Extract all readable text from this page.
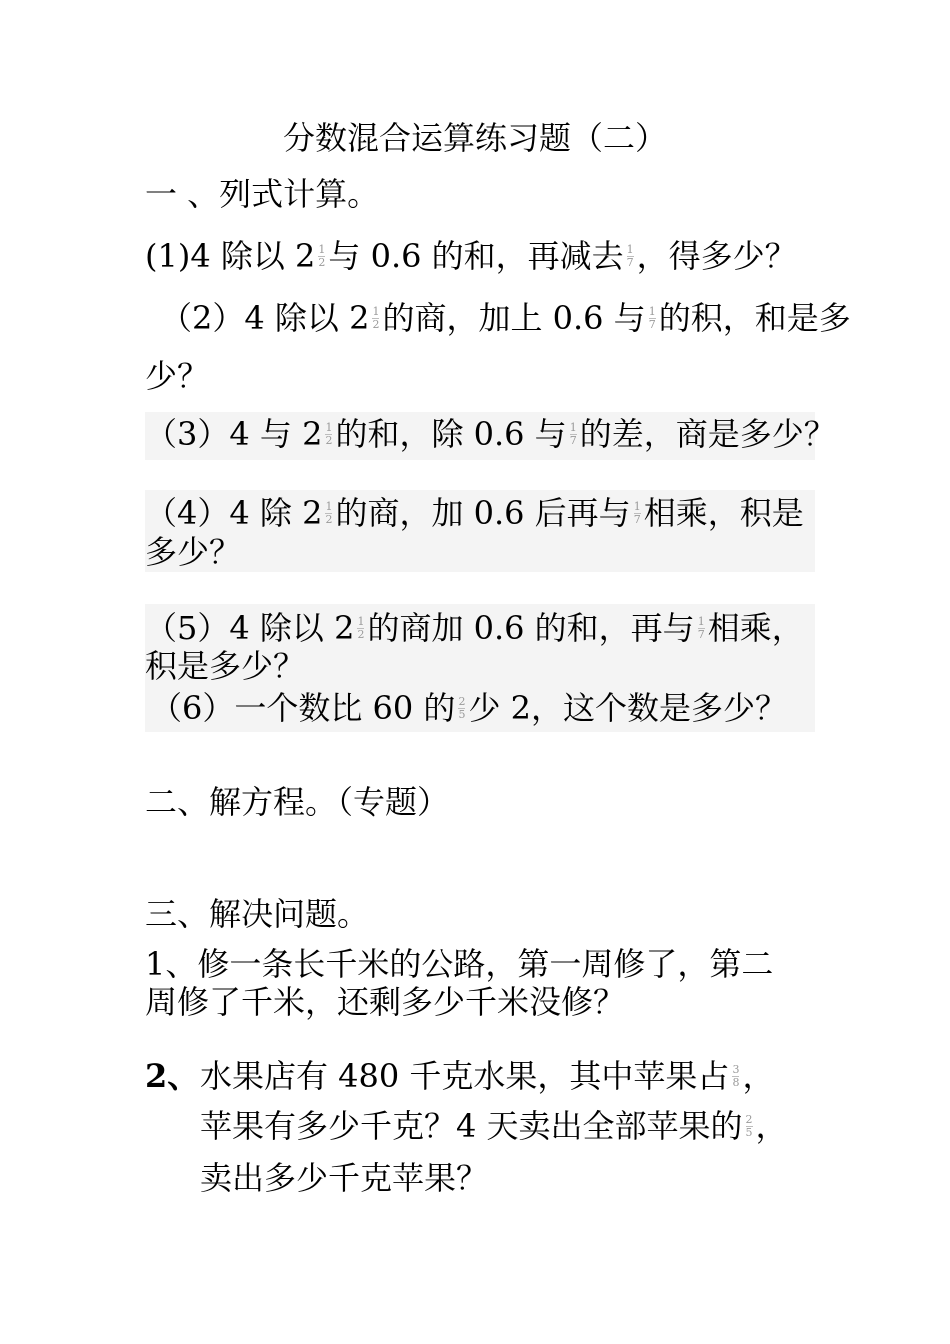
分数混合运算练习题（二）
一 、列式计算。
(1)4 除以 $2 \frac{1}{2}$ 与 0.6 的和，再减去 $\frac{1}{7}$ ，得多少？
（2）4 除以 $2 \frac{1}{2}$ 的商，加上 0.6 与 $\frac{1}{7}$ 的积，和是多
少？
（3）4 与 $2 \frac{1}{2}$ 的和，除 0.6 与 $\frac{1}{7}$ 的差，商是多少？
（4）4 除 $2 \frac{1}{2}$ 的商，加 0.6 后再与 $\frac{1}{7}$ 相乘，积是
多少？
（5）4 除以 $2 \frac{1}{2}$ 的商加 0.6 的和，再与 $\frac{1}{7}$ 相乘，
积是多少？
（6）一个数比 60 的 $\frac{2}{5}$ 少 2，这个数是多少？
二、解方程。（专题）
三、解决问题。
1、修一条长千米的公路，第一周修了，第二
周修了千米，还剩多少千米没修？
2、 水果店有 480 千克水果，其中苹果占 $\frac{3}{8}$ ，
苹果有多少千克？4 天卖出全部苹果的 $\frac{2}{5}$ ，
卖出多少千克苹果？
